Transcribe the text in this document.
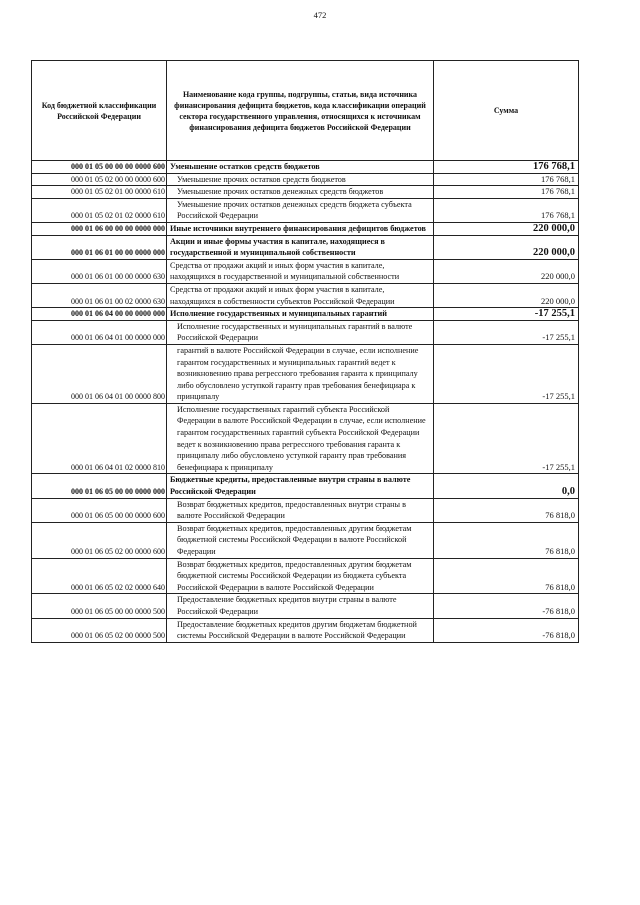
472
Код бюджетной классификации Российской Федерации	Наименование кода группы, подгруппы, статьи, вида источника финансирования дефицита бюджетов, кода классификации операций сектора государственного управления, относящихся к источникам финансирования дефицита бюджетов Российской Федерации	Сумма
000 01 05 00 00 00 0000 600	Уменьшение остатков средств бюджетов	176 768,1
000 01 05 02 00 00 0000 600	Уменьшение прочих остатков средств бюджетов	176 768,1
000 01 05 02 01 00 0000 610	Уменьшение прочих остатков денежных средств бюджетов	176 768,1
000 01 05 02 01 02 0000 610	Уменьшение прочих остатков денежных средств бюджета субъекта Российской Федерации	176 768,1
000 01 06 00 00 00 0000 000	Иные источники внутреннего финансирования дефицитов бюджетов	220 000,0
000 01 06 01 00 00 0000 000	Акции и иные формы участия в капитале, находящиеся в государственной и муниципальной собственности	220 000,0
000 01 06 01 00 00 0000 630	Средства от продажи акций и иных форм участия в капитале, находящихся в государственной и муниципальной собственности	220 000,0
000 01 06 01 00 02 0000 630	Средства от продажи акций и иных форм участия в капитале, находящихся в собственности субъектов Российской Федерации	220 000,0
000 01 06 04 00 00 0000 000	Исполнение государственных и муниципальных гарантий	-17 255,1
000 01 06 04 01 00 0000 000	Исполнение государственных и муниципальных гарантий в валюте Российской Федерации	-17 255,1
000 01 06 04 01 00 0000 800	гарантий в валюте Российской Федерации в случае, если исполнение гарантом государственных и муниципальных гарантий ведет к возникновению права регрессного требования гаранта к принципалу либо обусловлено уступкой гаранту прав требования бенефициара к принципалу	-17 255,1
000 01 06 04 01 02 0000 810	Исполнение государственных гарантий субъекта Российской Федерации в валюте Российской Федерации в случае, если исполнение гарантом государственных гарантий субъекта Российской Федерации ведет к возникновению права регрессного требования гаранта к принципалу либо обусловлено уступкой гаранту прав требования бенефициара к принципалу	-17 255,1
000 01 06 05 00 00 0000 000	Бюджетные кредиты, предоставленные внутри страны в валюте Российской Федерации	0,0
000 01 06 05 00 00 0000 600	Возврат бюджетных кредитов, предоставленных внутри страны в валюте Российской Федерации	76 818,0
000 01 06 05 02 00 0000 600	Возврат бюджетных кредитов, предоставленных другим бюджетам бюджетной системы Российской Федерации в валюте Российской Федерации	76 818,0
000 01 06 05 02 02 0000 640	Возврат бюджетных кредитов, предоставленных другим бюджетам бюджетной системы Российской Федерации из бюджета субъекта Российской Федерации в валюте Российской Федерации	76 818,0
000 01 06 05 00 00 0000 500	Предоставление бюджетных кредитов внутри страны в валюте Российской Федерации	-76 818,0
000 01 06 05 02 00 0000 500	Предоставление бюджетных кредитов другим бюджетам бюджетной системы Российской Федерации в валюте Российской Федерации	-76 818,0
